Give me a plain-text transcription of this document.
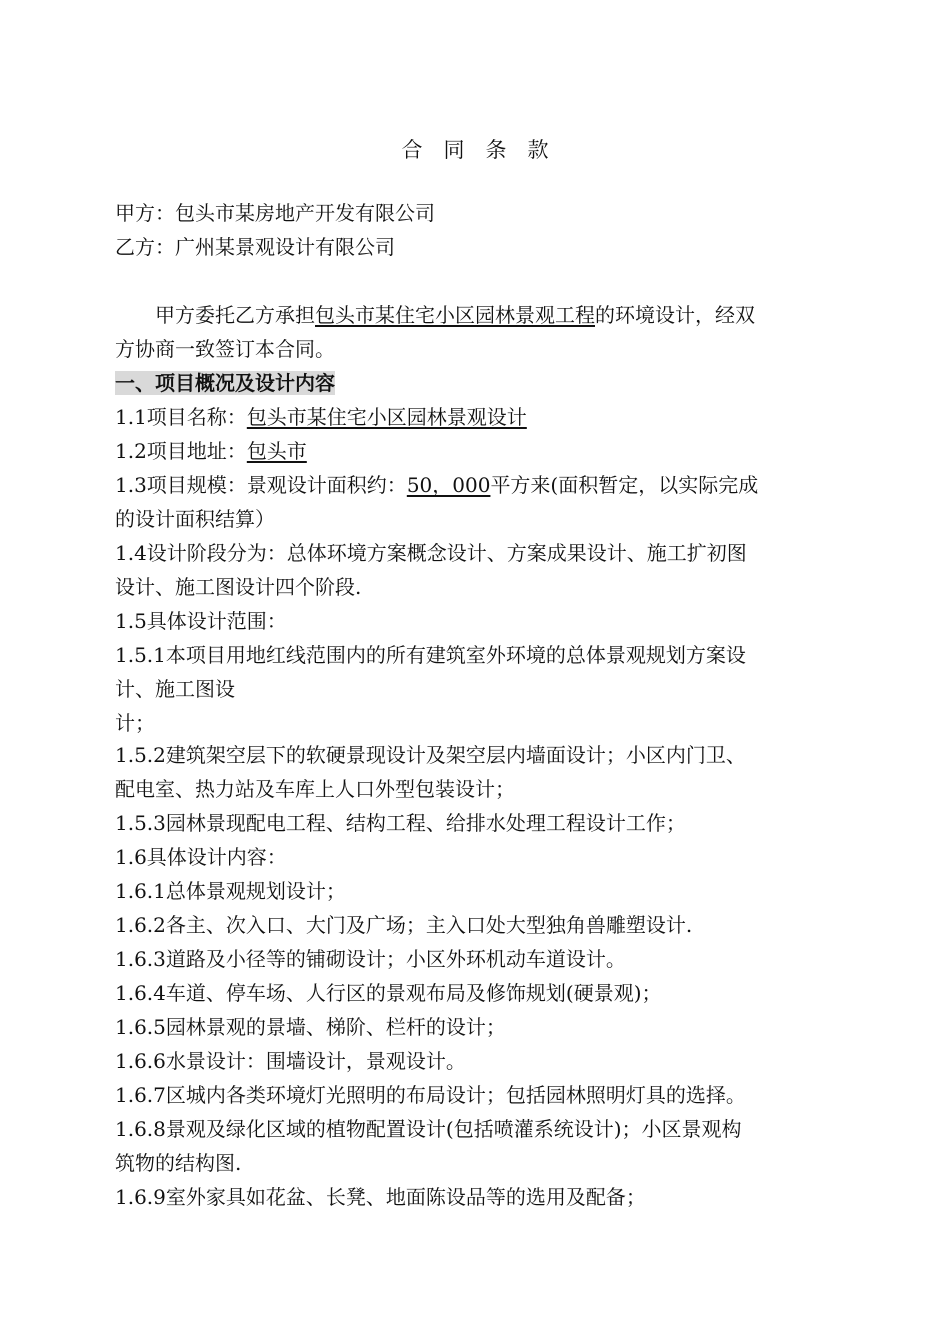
合　同　条　款
甲方：包头市某房地产开发有限公司
乙方：广州某景观设计有限公司
　　甲方委托乙方承担包头市某住宅小区园林景观工程的环境设计，经双
方协商一致签订本合同。
一、项目概况及设计内容
1.1项目名称：包头市某住宅小区园林景观设计
1.2项目地址：包头市
1.3项目规模：景观设计面积约：50，000平方来(面积暂定，以实际完成
的设计面积结算）
1.4设计阶段分为：总体环境方案概念设计、方案成果设计、施工扩初图
设计、施工图设计四个阶段.
1.5具体设计范围：
1.5.1本项目用地红线范围内的所有建筑室外环境的总体景观规划方案设
计、施工图设
计；
1.5.2建筑架空层下的软硬景现设计及架空层内墙面设计；小区内门卫、
配电室、热力站及车库上人口外型包装设计；
1.5.3园林景现配电工程、结构工程、给排水处理工程设计工作；
1.6具体设计内容：
1.6.1总体景观规划设计；
1.6.2各主、次入口、大门及广场；主入口处大型独角兽雕塑设计.
1.6.3道路及小径等的铺砌设计；小区外环机动车道设计。
1.6.4车道、停车场、人行区的景观布局及修饰规划(硬景观)；
1.6.5园林景观的景墙、梯阶、栏杆的设计；
1.6.6水景设计：围墙设计，景观设计。
1.6.7区城内各类环境灯光照明的布局设计；包括园林照明灯具的选择。
1.6.8景观及绿化区域的植物配置设计(包括喷灌系统设计)；小区景观构
筑物的结构图.
1.6.9室外家具如花盆、长凳、地面陈设品等的选用及配备；
